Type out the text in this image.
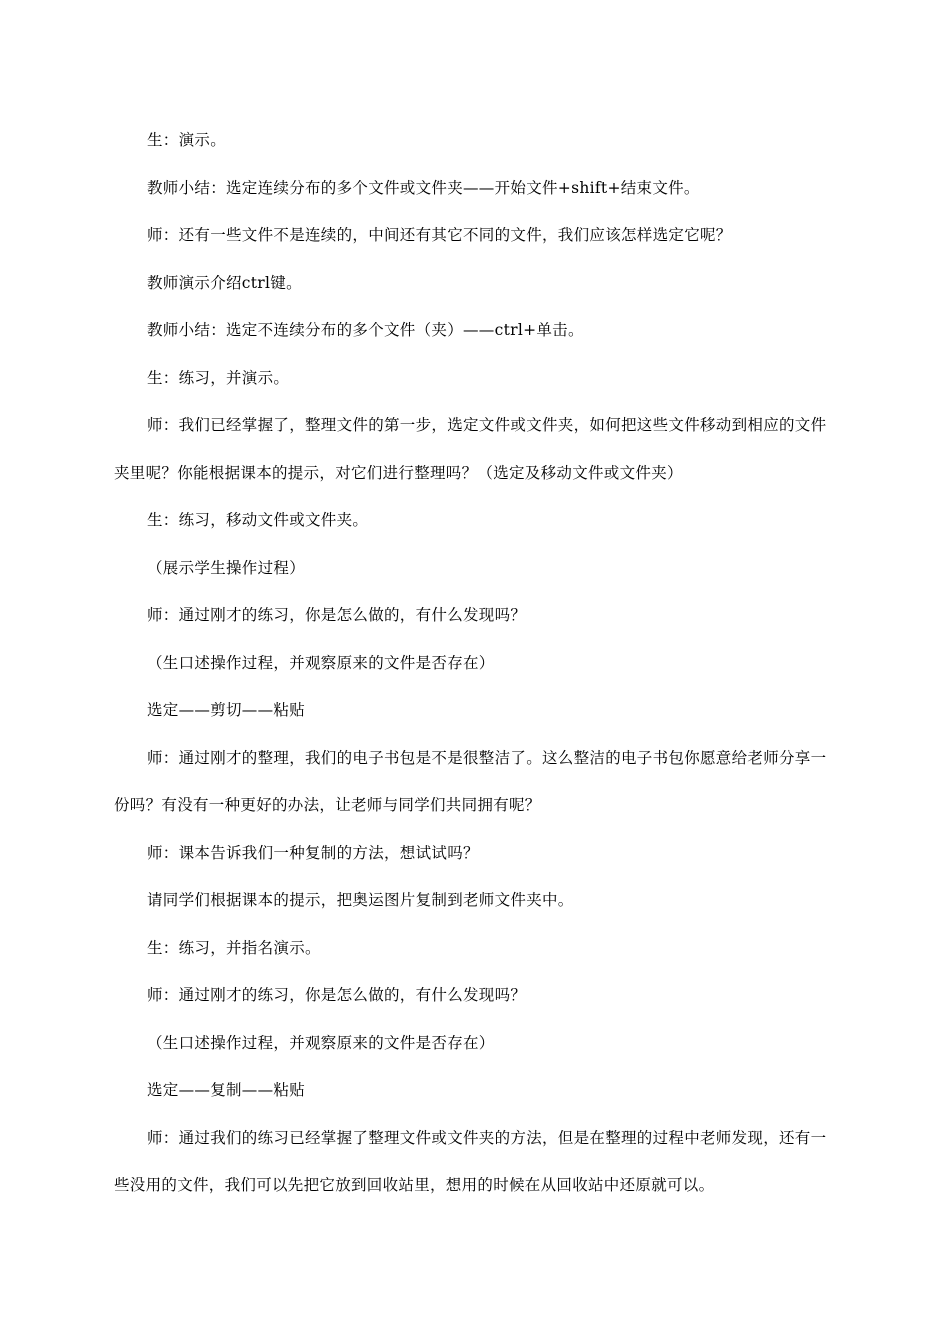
生：演示。

教师小结：选定连续分布的多个文件或文件夹——开始文件+shift+结束文件。

师：还有一些文件不是连续的，中间还有其它不同的文件，我们应该怎样选定它呢？

教师演示介绍ctrl键。

教师小结：选定不连续分布的多个文件（夹）——ctrl+单击。

生：练习，并演示。

师：我们已经掌握了，整理文件的第一步，选定文件或文件夹，如何把这些文件移动到相应的文件夹里呢？你能根据课本的提示，对它们进行整理吗？（选定及移动文件或文件夹）

生：练习，移动文件或文件夹。

（展示学生操作过程）

师：通过刚才的练习，你是怎么做的，有什么发现吗？

（生口述操作过程，并观察原来的文件是否存在）

选定——剪切——粘贴

师：通过刚才的整理，我们的电子书包是不是很整洁了。这么整洁的电子书包你愿意给老师分享一份吗？有没有一种更好的办法，让老师与同学们共同拥有呢？

师：课本告诉我们一种复制的方法，想试试吗？

请同学们根据课本的提示，把奥运图片复制到老师文件夹中。

生：练习，并指名演示。

师：通过刚才的练习，你是怎么做的，有什么发现吗？

（生口述操作过程，并观察原来的文件是否存在）

选定——复制——粘贴

师：通过我们的练习已经掌握了整理文件或文件夹的方法，但是在整理的过程中老师发现，还有一些没用的文件，我们可以先把它放到回收站里，想用的时候在从回收站中还原就可以。
